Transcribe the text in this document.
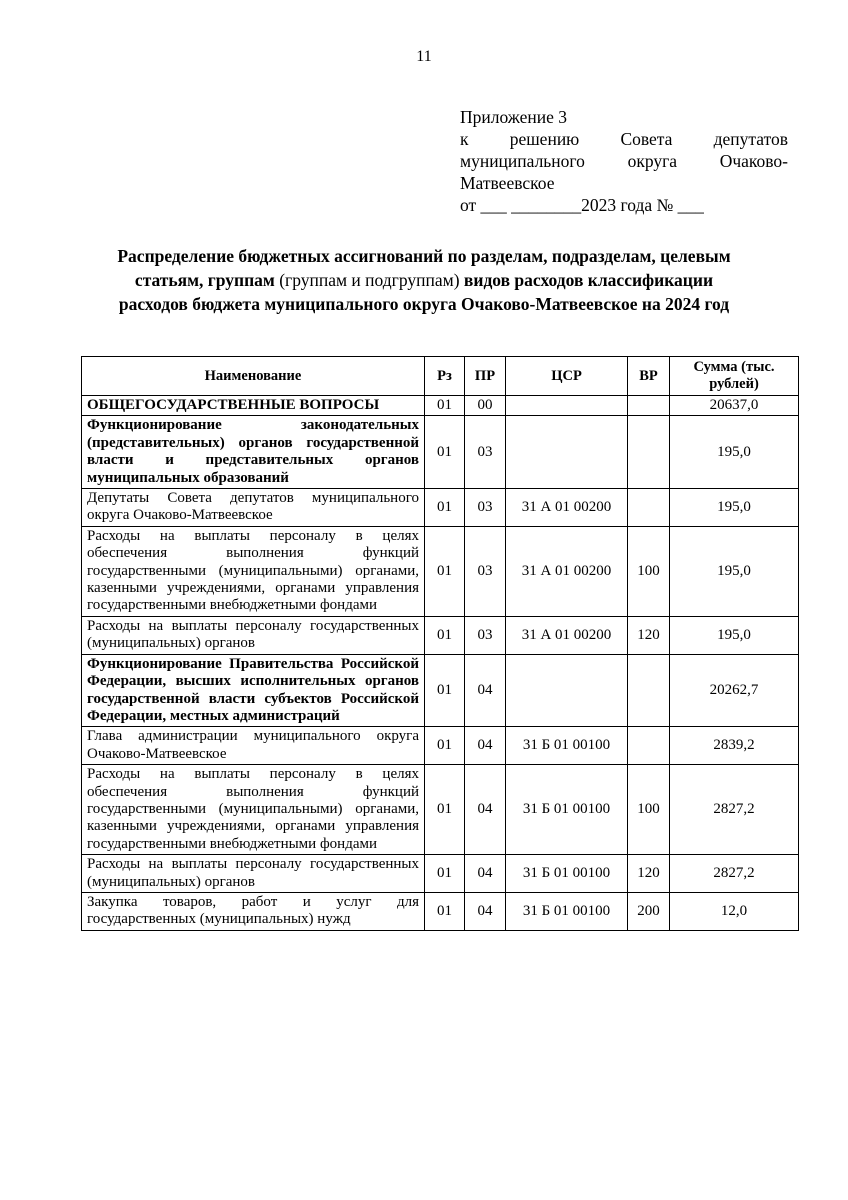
11
Приложение 3
к решению Совета депутатов
муниципального округа Очаково-
Матвеевское
от ___ ________2023 года № ___
Распределение бюджетных ассигнований по разделам, подразделам, целевым статьям, группам (группам и подгруппам) видов расходов классификации расходов бюджета муниципального округа Очаково-Матвеевское на 2024 год
Наименование	Рз	ПР	ЦСР	ВР	Сумма (тыс. рублей)
ОБЩЕГОСУДАРСТВЕННЫЕ ВОПРОСЫ	01	00			20637,0
Функционирование законодательных (представительных) органов государственной власти и представительных органов муниципальных образований	01	03			195,0
Депутаты Совета депутатов муниципального округа Очаково-Матвеевское	01	03	31 А 01 00200		195,0
Расходы на выплаты персоналу в целях обеспечения выполнения функций государственными (муниципальными) органами, казенными учреждениями, органами управления государственными внебюджетными фондами	01	03	31 А 01 00200	100	195,0
Расходы на выплаты персоналу государственных (муниципальных) органов	01	03	31 А 01 00200	120	195,0
Функционирование Правительства Российской Федерации, высших исполнительных органов государственной власти субъектов Российской Федерации, местных администраций	01	04			20262,7
Глава администрации муниципального округа Очаково-Матвеевское	01	04	31 Б 01 00100		2839,2
Расходы на выплаты персоналу в целях обеспечения выполнения функций государственными (муниципальными) органами, казенными учреждениями, органами управления государственными внебюджетными фондами	01	04	31 Б 01 00100	100	2827,2
Расходы на выплаты персоналу государственных (муниципальных) органов	01	04	31 Б 01 00100	120	2827,2
Закупка товаров, работ и услуг для государственных (муниципальных) нужд	01	04	31 Б 01 00100	200	12,0
